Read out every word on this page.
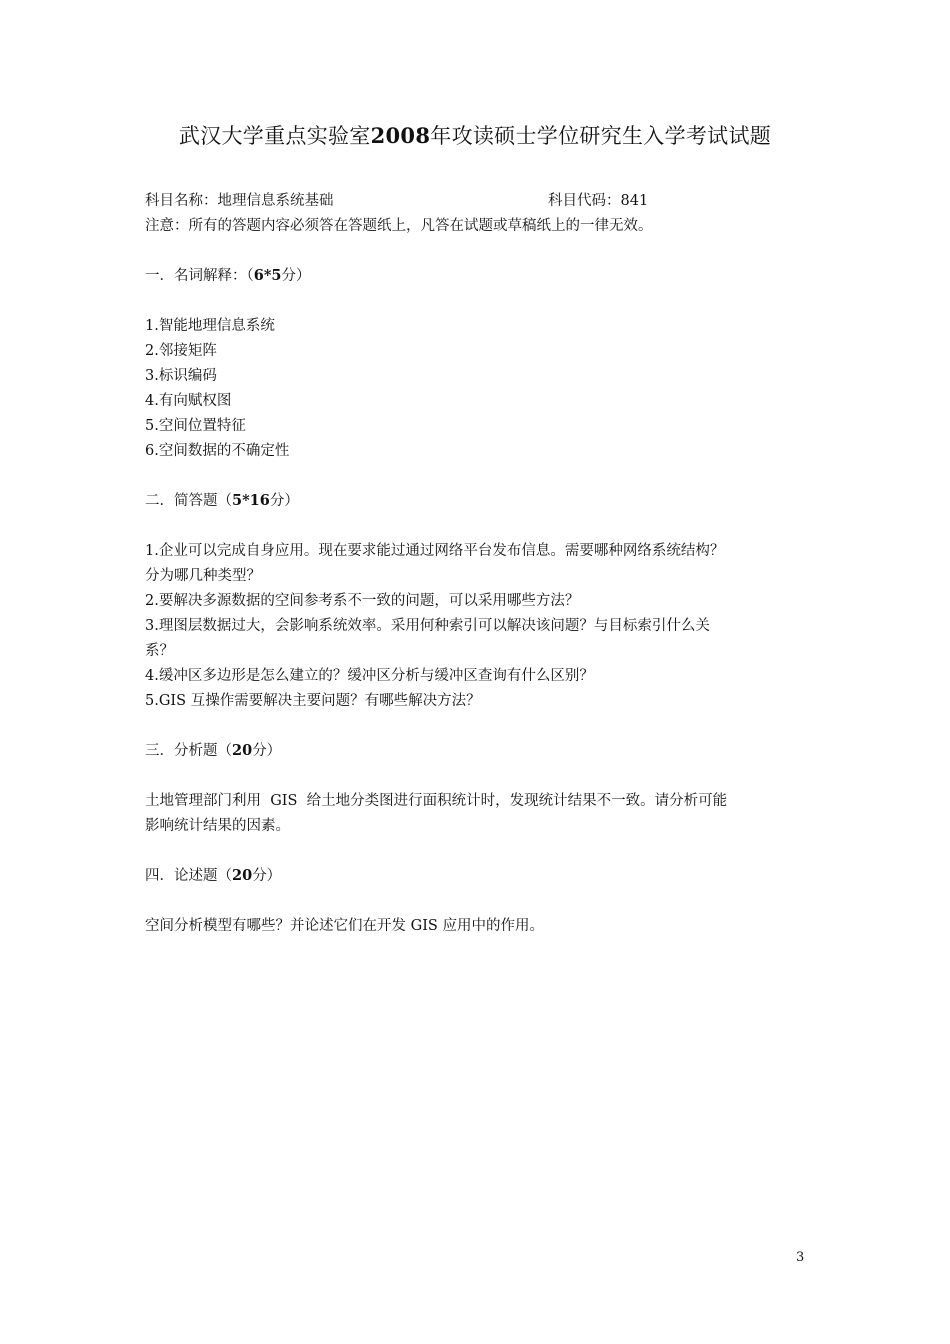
武汉大学重点实验室2008年攻读硕士学位研究生入学考试试题
科目名称：地理信息系统基础	科目代码：841
注意：所有的答题内容必须答在答题纸上，凡答在试题或草稿纸上的一律无效。
一．名词解释：（6*5分）
1.智能地理信息系统
2.邻接矩阵
3.标识编码
4.有向赋权图
5.空间位置特征
6.空间数据的不确定性
二．简答题（5*16分）
1.企业可以完成自身应用。现在要求能过通过网络平台发布信息。需要哪种网络系统结构？
分为哪几种类型？
2.要解决多源数据的空间参考系不一致的问题，可以采用哪些方法？
3.理图层数据过大，会影响系统效率。采用何种索引可以解决该问题？与目标索引什么关
系？
4.缓冲区多边形是怎么建立的？缓冲区分析与缓冲区查询有什么区别？
5.GIS 互操作需要解决主要问题？有哪些解决方法？
三．分析题（20分）
土地管理部门利用  GIS  给土地分类图进行面积统计时，发现统计结果不一致。请分析可能
影响统计结果的因素。
四．论述题（20分）
空间分析模型有哪些？并论述它们在开发 GIS 应用中的作用。
3
